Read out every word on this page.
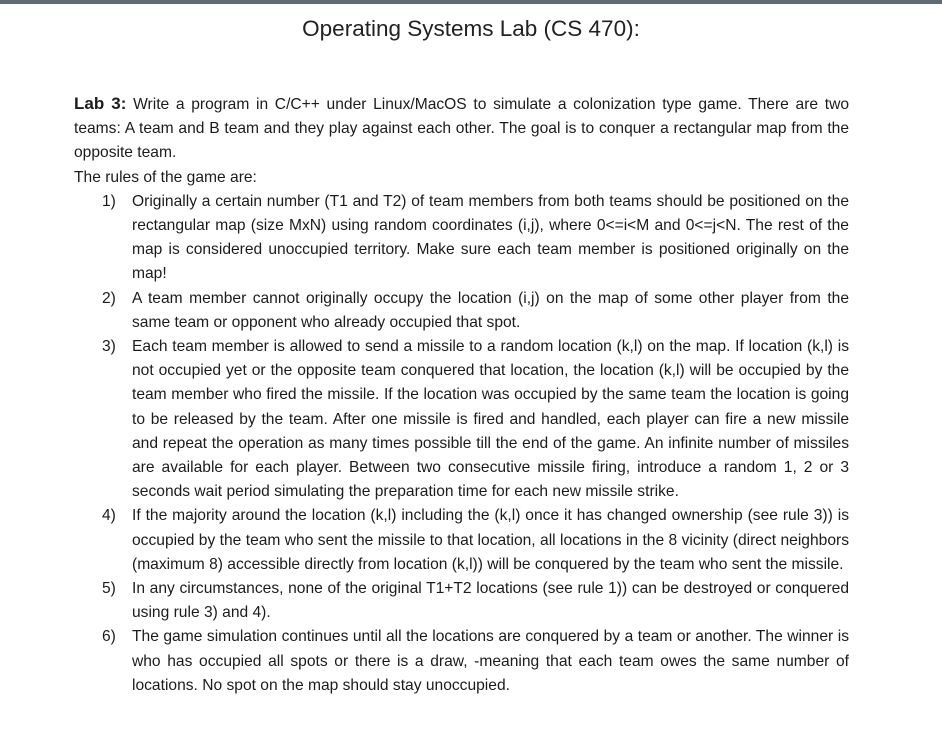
Operating Systems Lab (CS 470):

Lab 3: Write a program in C/C++ under Linux/MacOS to simulate a colonization type game. There are two teams: A team and B team and they play against each other. The goal is to conquer a rectangular map from the opposite team.

The rules of the game are:

1) Originally a certain number (T1 and T2) of team members from both teams should be positioned on the rectangular map (size MxN) using random coordinates (i,j), where 0<=i<M and 0<=j<N. The rest of the map is considered unoccupied territory. Make sure each team member is positioned originally on the map!
2) A team member cannot originally occupy the location (i,j) on the map of some other player from the same team or opponent who already occupied that spot.
3) Each team member is allowed to send a missile to a random location (k,l) on the map. If location (k,l) is not occupied yet or the opposite team conquered that location, the location (k,l) will be occupied by the team member who fired the missile. If the location was occupied by the same team the location is going to be released by the team. After one missile is fired and handled, each player can fire a new missile and repeat the operation as many times possible till the end of the game. An infinite number of missiles are available for each player. Between two consecutive missile firing, introduce a random 1, 2 or 3 seconds wait period simulating the preparation time for each new missile strike.
4) If the majority around the location (k,l) including the (k,l) once it has changed ownership (see rule 3)) is occupied by the team who sent the missile to that location, all locations in the 8 vicinity (direct neighbors (maximum 8) accessible directly from location (k,l)) will be conquered by the team who sent the missile.
5) In any circumstances, none of the original T1+T2 locations (see rule 1)) can be destroyed or conquered using rule 3) and 4).
6) The game simulation continues until all the locations are conquered by a team or another. The winner is who has occupied all spots or there is a draw, -meaning that each team owes the same number of locations. No spot on the map should stay unoccupied.
